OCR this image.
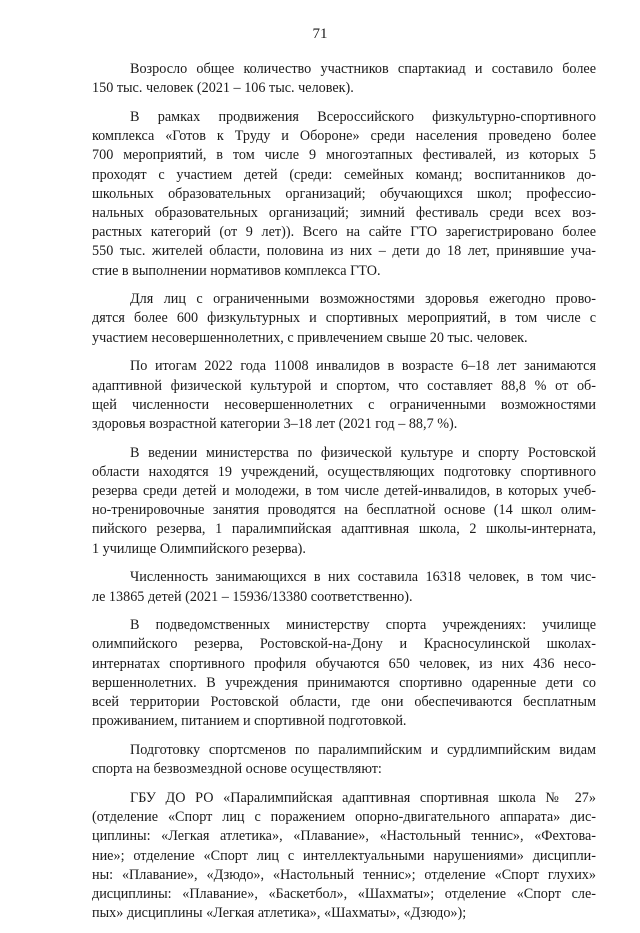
71

Возросло общее количество участников спартакиад и составило более
150 тыс. человек (2021 – 106 тыс. человек).

В рамках продвижения Всероссийского физкультурно-спортивного
комплекса «Готов к Труду и Обороне» среди населения проведено более
700 мероприятий, в том числе 9 многоэтапных фестивалей, из которых 5
проходят с участием детей (среди: семейных команд; воспитанников до-
школьных образовательных организаций; обучающихся школ; профессио-
нальных образовательных организаций; зимний фестиваль среди всех воз-
растных категорий (от 9 лет)). Всего на сайте ГТО зарегистрировано более
550 тыс. жителей области, половина из них – дети до 18 лет, принявшие уча-
стие в выполнении нормативов комплекса ГТО.

Для лиц с ограниченными возможностями здоровья ежегодно прово-
дятся более 600 физкультурных и спортивных мероприятий, в том числе с
участием несовершеннолетних, с привлечением свыше 20 тыс. человек.

По итогам 2022 года 11008 инвалидов в возрасте 6–18 лет занимаются
адаптивной физической культурой и спортом, что составляет 88,8 % от об-
щей численности несовершеннолетних с ограниченными возможностями
здоровья возрастной категории 3–18 лет (2021 год – 88,7 %).

В ведении министерства по физической культуре и спорту Ростовской
области находятся 19 учреждений, осуществляющих подготовку спортивного
резерва среди детей и молодежи, в том числе детей-инвалидов, в которых учеб-
но-тренировочные занятия проводятся на бесплатной основе (14 школ олим-
пийского резерва, 1 паралимпийская адаптивная школа, 2 школы-интерната,
1 училище Олимпийского резерва).

Численность занимающихся в них составила 16318 человек, в том чис-
ле 13865 детей (2021 – 15936/13380 соответственно).

В подведомственных министерству спорта учреждениях: училище
олимпийского резерва, Ростовской-на-Дону и Красносулинской школах-
интернатах спортивного профиля обучаются 650 человек, из них 436 несо-
вершеннолетних. В учреждения принимаются спортивно одаренные дети со
всей территории Ростовской области, где они обеспечиваются бесплатным
проживанием, питанием и спортивной подготовкой.

Подготовку спортсменов по паралимпийским и сурдлимпийским видам
спорта на безвозмездной основе осуществляют:

ГБУ ДО РО «Паралимпийская адаптивная спортивная школа № 27»
(отделение «Спорт лиц с поражением опорно-двигательного аппарата» дис-
циплины: «Легкая атлетика», «Плавание», «Настольный теннис», «Фехтова-
ние»; отделение «Спорт лиц с интеллектуальными нарушениями» дисципли-
ны: «Плавание», «Дзюдо», «Настольный теннис»; отделение «Спорт глухих»
дисциплины: «Плавание», «Баскетбол», «Шахматы»; отделение «Спорт сле-
пых» дисциплины «Легкая атлетика», «Шахматы», «Дзюдо»);
